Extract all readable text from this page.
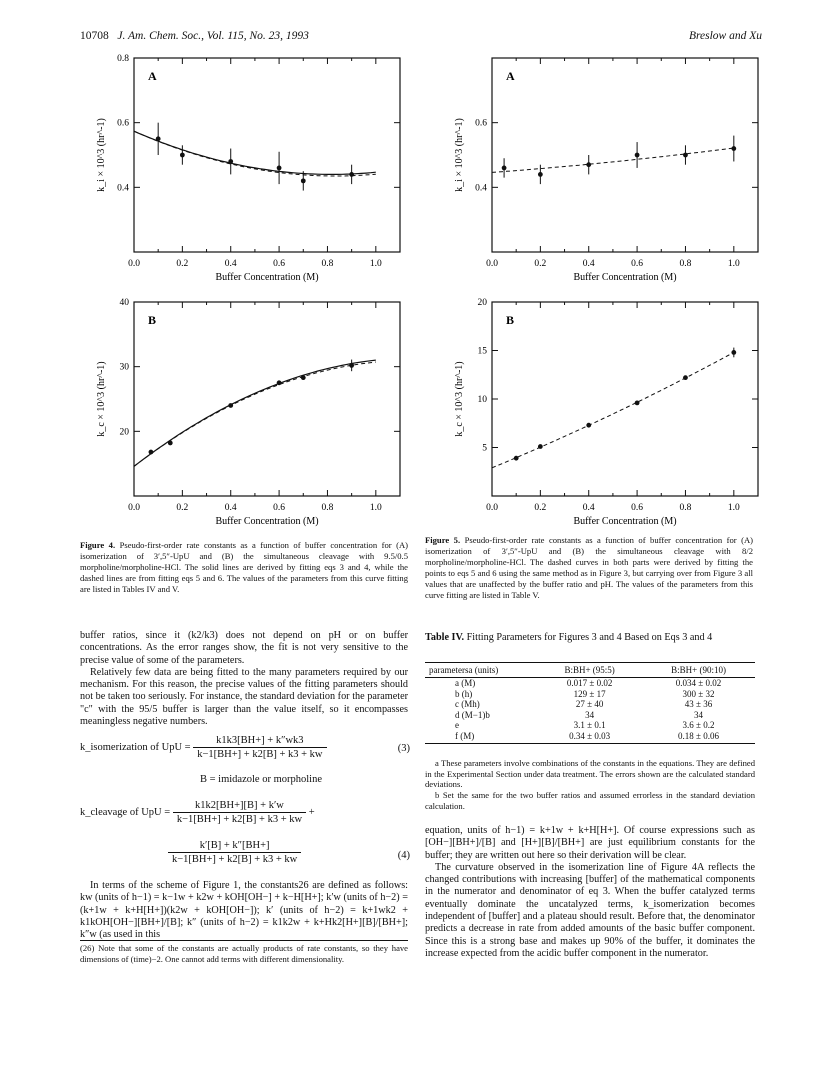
10708 J. Am. Chem. Soc., Vol. 115, No. 23, 1993	Breslow and Xu
0.0	0.2	0.4	0.6	0.8	1.0
0.4
0.6
0.8
A
Buffer Concentration (M)
k_i × 10^3 (hr^-1)
0.0	0.2	0.4	0.6	0.8	1.0
0.4
0.6
A
Buffer Concentration (M)
k_i × 10^3 (hr^-1)
0.0	0.2	0.4	0.6	0.8	1.0
20
30
40
B
Buffer Concentration (M)
k_c × 10^3 (hr^-1)
0.0	0.2	0.4	0.6	0.8	1.0
5
10
15
20
B
Buffer Concentration (M)
k_c × 10^3 (hr^-1)
Figure 4. Pseudo-first-order rate constants as a function of buffer concentration for (A) isomerization of 3′,5″-UpU and (B) the simultaneous cleavage with 9.5/0.5 morpholine/morpholine-HCl. The solid lines are derived by fitting eqs 3 and 4, while the dashed lines are from fitting eqs 5 and 6. The values of the parameters from this curve fitting are listed in Tables IV and V.
Figure 5. Pseudo-first-order rate constants as a function of buffer concentration for (A) isomerization of 3′,5″-UpU and (B) the simultaneous cleavage with 8/2 morpholine/morpholine-HCl. The dashed curves in both parts were derived by fitting the points to eqs 5 and 6 using the same method as in Figure 3, but carrying over from Figure 3 all values that are unaffected by the buffer ratio and pH. The values of the parameters from this curve fitting are listed in Table V.

buffer ratios, since it (k2/k3) does not depend on pH or on buffer concentrations. As the error ranges show, the fit is not very sensitive to the precise value of some of the parameters.

Relatively few data are being fitted to the many parameters required by our mechanism. For this reason, the precise values of the fitting parameters should not be taken too seriously. For instance, the standard deviation for the parameter "c" with the 95/5 buffer is larger than the value itself, so it encompasses meaningless negative numbers.

k_isomerization of UpU = $\frac{k1k3[BH+] + k''wk3}{k-1[BH+] + k2[B] + k3 + kw}$	(3)
B = imidazole or morpholine
k_cleavage of UpU = $\frac{k1k2[BH+][B] + k'w}{k-1[BH+] + k2[B] + k3 + kw}$ +
$\frac{k'[B] + k''[BH+]}{k-1[BH+] + k2[B] + k3 + kw}$	(4)

In terms of the scheme of Figure 1, the constants26 are defined as follows: kw (units of h−1) = k−1w + k2w + kOH[OH−] + k−H[H+]; k′w (units of h−2) = (k+1w + k+H[H+])(k2w + kOH[OH−]); k′ (units of h−2) = k+1wk2 + k1kOH[OH−][BH+]/[B]; k″ (units of h−2) = k1k2w + k+Hk2[H+][B]/[BH+]; k″w (as used in this

(26) Note that some of the constants are actually products of rate constants, so they have dimensions of (time)−2. One cannot add terms with different dimensionality.
Table IV. Fitting Parameters for Figures 3 and 4 Based on Eqs 3 and 4
parametersa (units)	B:BH+ (95:5)	B:BH+ (90:10)
a (M)	0.017 ± 0.02	0.034 ± 0.02
b (h)	129 ± 17	300 ± 32
c (Mh)	27 ± 40	43 ± 36
d (M−1)b	34	34
e	3.1 ± 0.1	3.6 ± 0.2
f (M)	0.34 ± 0.03	0.18 ± 0.06
a These parameters involve combinations of the constants in the equations. They are defined in the Experimental Section under data treatment. The errors shown are the calculated standard deviations.
b Set the same for the two buffer ratios and assumed errorless in the standard deviation calculation.

equation, units of h−1) = k+1w + k+H[H+]. Of course expressions such as [OH−][BH+]/[B] and [H+][B]/[BH+] are just equilibrium constants for the buffer; they are written out here so their derivation will be clear.

The curvature observed in the isomerization line of Figure 4A reflects the changed contributions with increasing [buffer] of the mathematical components in the numerator and denominator of eq 3. When the buffer catalyzed terms eventually dominate the uncatalyzed terms, k_isomerization becomes independent of [buffer] and a plateau should result. Before that, the denominator predicts a decrease in rate from added amounts of the basic buffer component. Since this is a strong base and makes up 90% of the buffer, it dominates the increase expected from the acidic buffer component in the numerator.
